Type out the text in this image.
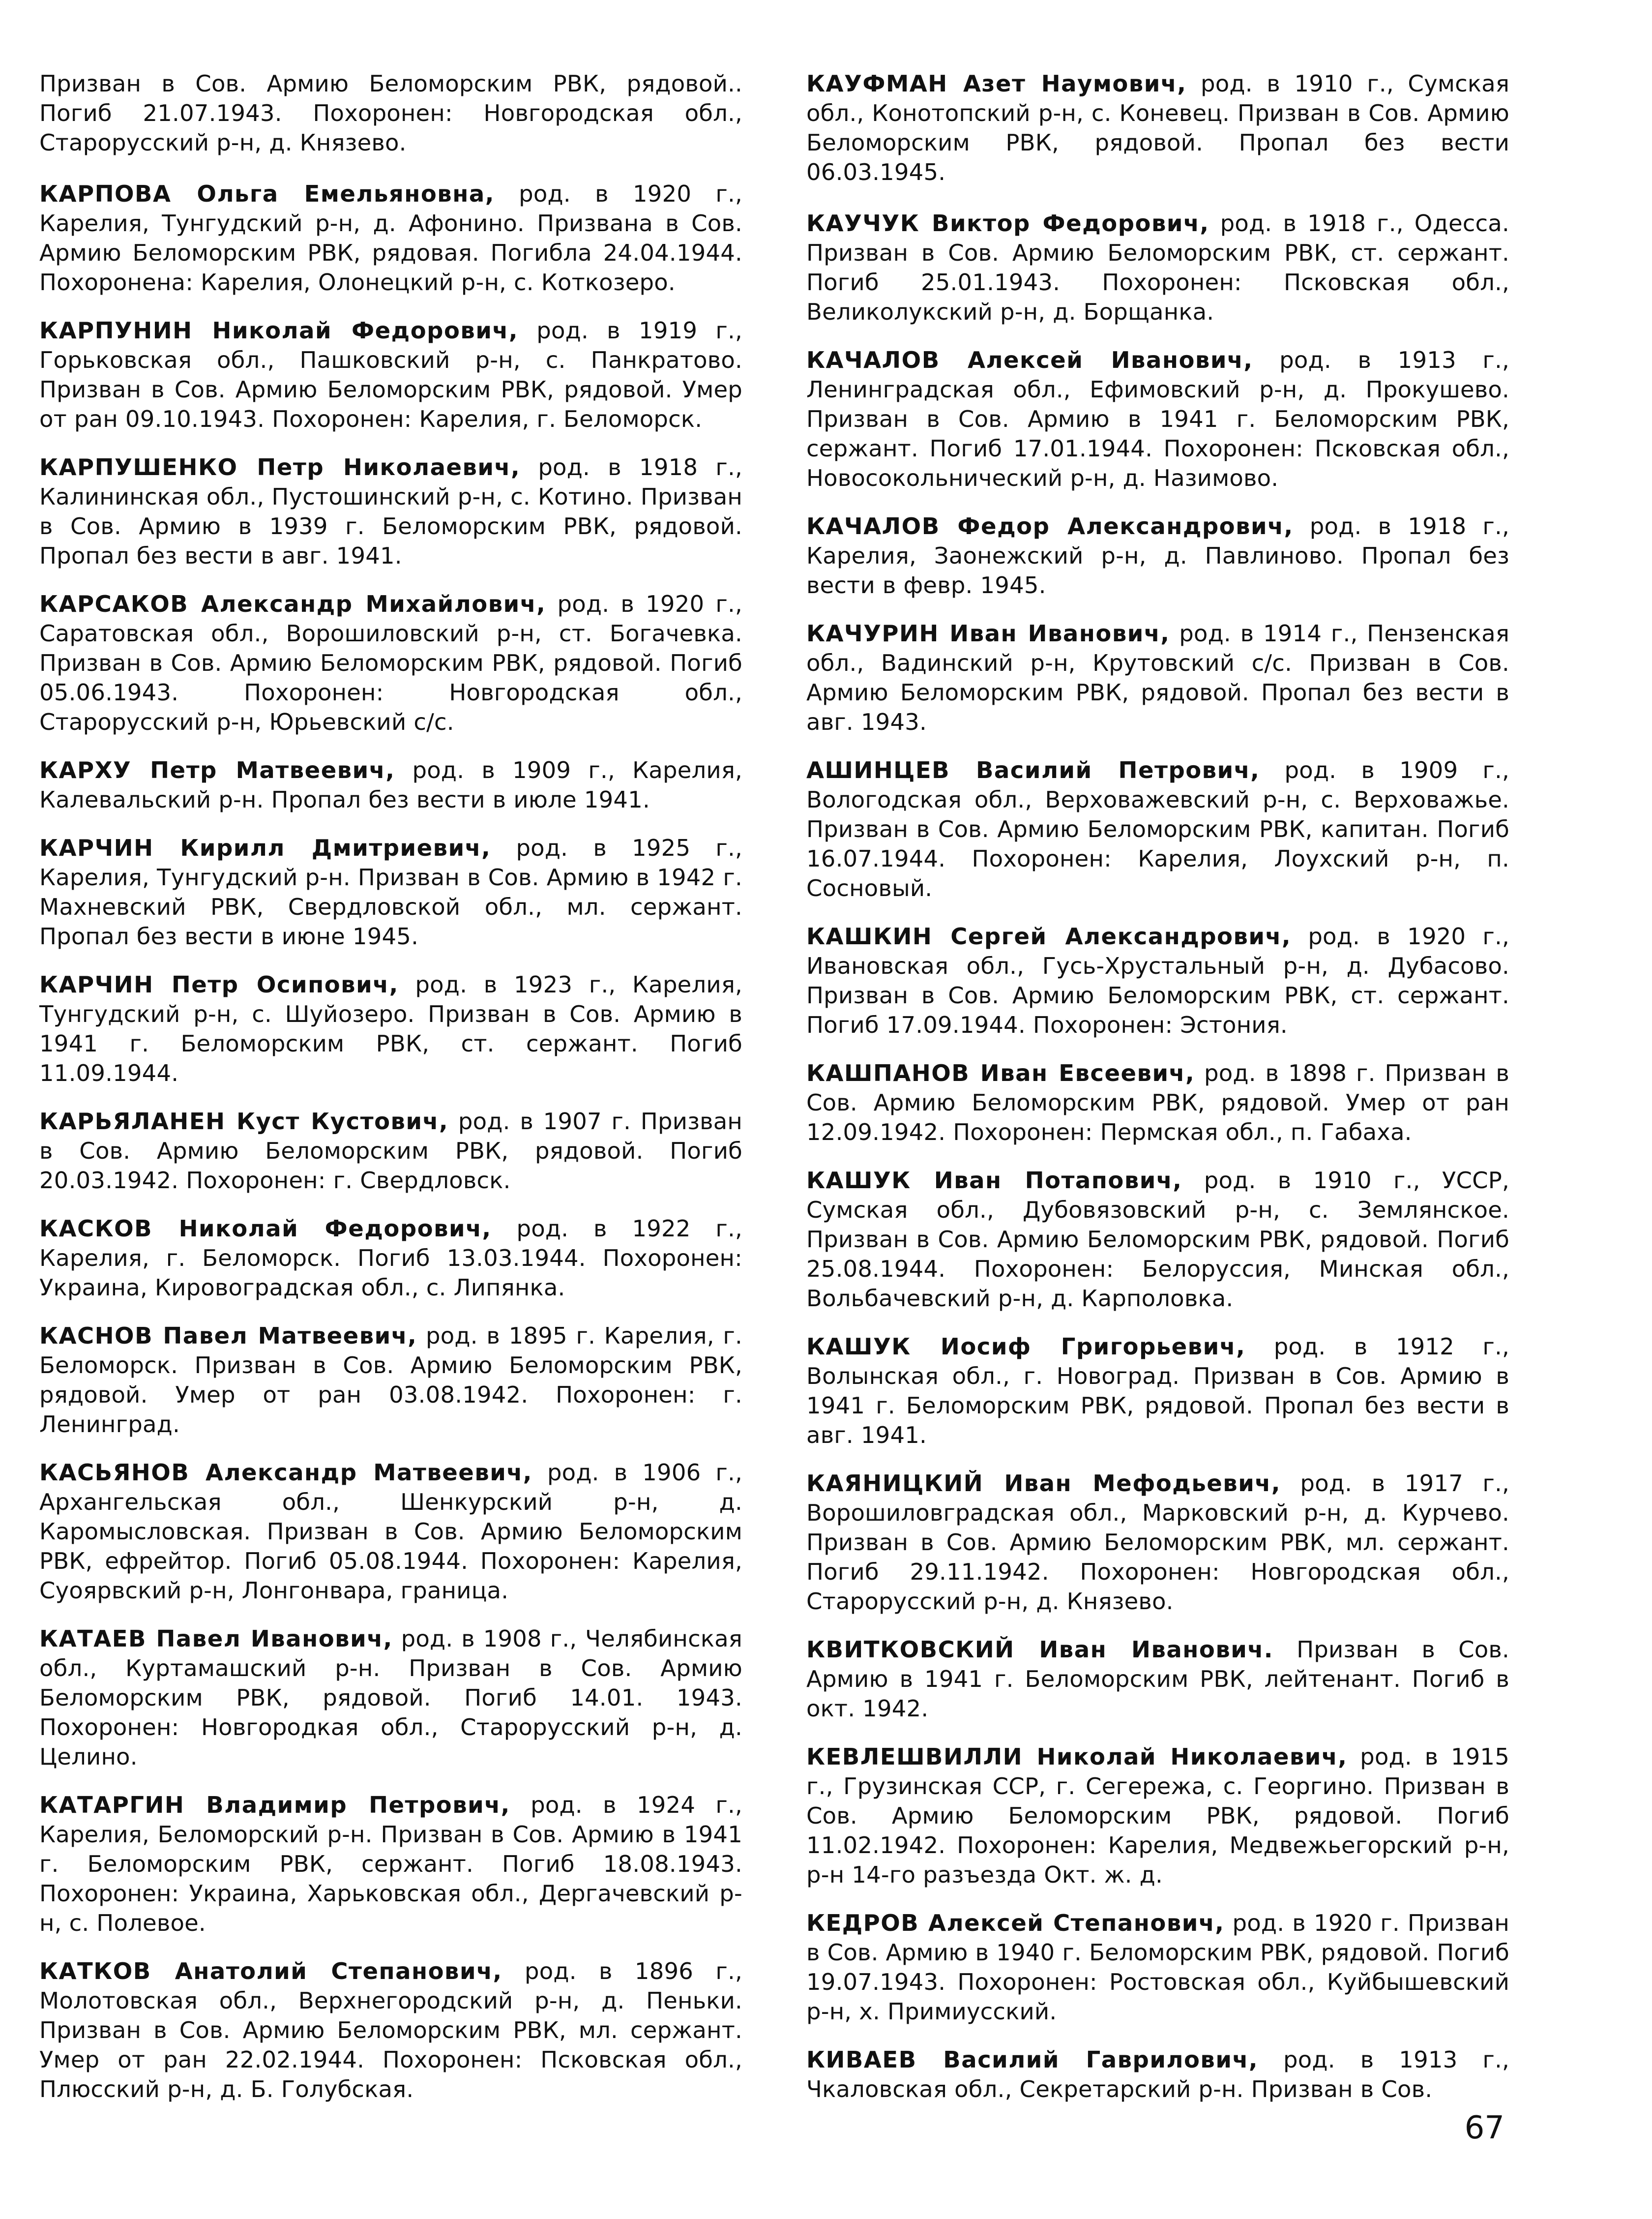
Призван в Сов. Армию Беломорским РВК, рядовой.. Погиб 21.07.1943. Похоронен: Новгородская обл., Старорусский р-н, д. Князево.

КАРПОВА Ольга Емельяновна, род. в 1920 г., Карелия, Тунгудский р-н, д. Афонино. Призвана в Сов. Армию Беломорским РВК, рядовая. Погибла 24.04.1944. Похоронена: Карелия, Олонецкий р-н, с. Коткозеро.

КАРПУНИН Николай Федорович, род. в 1919 г., Горьковская обл., Пашковский р-н, с. Панкратово. Призван в Сов. Армию Беломорским РВК, рядовой. Умер от ран 09.10.1943. Похоронен: Карелия, г. Беломорск.

КАРПУШЕНКО Петр Николаевич, род. в 1918 г., Калининская обл., Пустошинский р-н, с. Котино. Призван в Сов. Армию в 1939 г. Беломорским РВК, рядовой. Пропал без вести в авг. 1941.

КАРСАКОВ Александр Михайлович, род. в 1920 г., Саратовская обл., Ворошиловский р-н, ст. Богачевка. Призван в Сов. Армию Беломорским РВК, рядовой. Погиб 05.06.1943. Похоронен: Новгородская обл., Старорусский р-н, Юрьевский с/с.

КАРХУ Петр Матвеевич, род. в 1909 г., Карелия, Калевальский р-н. Пропал без вести в июле 1941.

КАРЧИН Кирилл Дмитриевич, род. в 1925 г., Карелия, Тунгудский р-н. Призван в Сов. Армию в 1942 г. Махневский РВК, Свердловской обл., мл. сержант. Пропал без вести в июне 1945.

КАРЧИН Петр Осипович, род. в 1923 г., Карелия, Тунгудский р-н, с. Шуйозеро. Призван в Сов. Армию в 1941 г. Беломорским РВК, ст. сержант. Погиб 11.09.1944.

КАРЬЯЛАНЕН Куст Кустович, род. в 1907 г. Призван в Сов. Армию Беломорским РВК, рядовой. Погиб 20.03.1942. Похоронен: г. Свердловск.

КАСКОВ Николай Федорович, род. в 1922 г., Карелия, г. Беломорск. Погиб 13.03.1944. Похоронен: Украина, Кировоградская обл., с. Липянка.

КАСНОВ Павел Матвеевич, род. в 1895 г. Карелия, г. Беломорск. Призван в Сов. Армию Беломорским РВК, рядовой. Умер от ран 03.08.1942. Похоронен: г. Ленинград.

КАСЬЯНОВ Александр Матвеевич, род. в 1906 г., Архангельская обл., Шенкурский р-н, д. Каромысловская. Призван в Сов. Армию Беломорским РВК, ефрейтор. Погиб 05.08.1944. Похоронен: Карелия, Суоярвский р-н, Лонгонвара, граница.

КАТАЕВ Павел Иванович, род. в 1908 г., Челябинская обл., Куртамашский р-н. Призван в Сов. Армию Беломорским РВК, рядовой. Погиб 14.01. 1943. Похоронен: Новгородкая обл., Старорусский р-н, д. Целино.

КАТАРГИН Владимир Петрович, род. в 1924 г., Карелия, Беломорский р-н. Призван в Сов. Армию в 1941 г. Беломорским РВК, сержант. Погиб 18.08.1943. Похоронен: Украина, Харьковская обл., Дергачевский р-н, с. Полевое.

КАТКОВ Анатолий Степанович, род. в 1896 г., Молотовская обл., Верхнегородский р-н, д. Пеньки. Призван в Сов. Армию Беломорским РВК, мл. сержант. Умер от ран 22.02.1944. Похоронен: Псковская обл., Плюсский р-н, д. Б. Голубская.

КАУФМАН Азет Наумович, род. в 1910 г., Сумская обл., Конотопский р-н, с. Коневец. Призван в Сов. Армию Беломорским РВК, рядовой. Пропал без вести 06.03.1945.

КАУЧУК Виктор Федорович, род. в 1918 г., Одесса. Призван в Сов. Армию Беломорским РВК, ст. сержант. Погиб 25.01.1943. Похоронен: Псковская обл., Великолукский р-н, д. Борщанка.

КАЧАЛОВ Алексей Иванович, род. в 1913 г., Ленинградская обл., Ефимовский р-н, д. Прокушево. Призван в Сов. Армию в 1941 г. Беломорским РВК, сержант. Погиб 17.01.1944. Похоронен: Псковская обл., Новосокольнический р-н, д. Назимово.

КАЧАЛОВ Федор Александрович, род. в 1918 г., Карелия, Заонежский р-н, д. Павлиново. Пропал без вести в февр. 1945.

КАЧУРИН Иван Иванович, род. в 1914 г., Пензенская обл., Вадинский р-н, Крутовский с/с. Призван в Сов. Армию Беломорским РВК, рядовой. Пропал без вести в авг. 1943.

АШИНЦЕВ Василий Петрович, род. в 1909 г., Вологодская обл., Верховажевский р-н, с. Верховажье. Призван в Сов. Армию Беломорским РВК, капитан. Погиб 16.07.1944. Похоронен: Карелия, Лоухский р-н, п. Сосновый.

КАШКИН Сергей Александрович, род. в 1920 г., Ивановская обл., Гусь-Хрустальный р-н, д. Дубасово. Призван в Сов. Армию Беломорским РВК, ст. сержант. Погиб 17.09.1944. Похоронен: Эстония.

КАШПАНОВ Иван Евсеевич, род. в 1898 г. Призван в Сов. Армию Беломорским РВК, рядовой. Умер от ран 12.09.1942. Похоронен: Пермская обл., п. Габаха.

КАШУК Иван Потапович, род. в 1910 г., УССР, Сумская обл., Дубовязовский р-н, с. Землянское. Призван в Сов. Армию Беломорским РВК, рядовой. Погиб 25.08.1944. Похоронен: Белоруссия, Минская обл., Вольбачевский р-н, д. Карполовка.

КАШУК Иосиф Григорьевич, род. в 1912 г., Волынская обл., г. Новоград. Призван в Сов. Армию в 1941 г. Беломорским РВК, рядовой. Пропал без вести в авг. 1941.

КАЯНИЦКИЙ Иван Мефодьевич, род. в 1917 г., Ворошиловградская обл., Марковский р-н, д. Курчево. Призван в Сов. Армию Беломорским РВК, мл. сержант. Погиб 29.11.1942. Похоронен: Новгородская обл., Старорусский р-н, д. Князево.

КВИТКОВСКИЙ Иван Иванович. Призван в Сов. Армию в 1941 г. Беломорским РВК, лейтенант. Погиб в окт. 1942.

КЕВЛЕШВИЛЛИ Николай Николаевич, род. в 1915 г., Грузинская ССР, г. Сегережа, с. Георгино. Призван в Сов. Армию Беломорским РВК, рядовой. Погиб 11.02.1942. Похоронен: Карелия, Медвежьегорский р-н, р-н 14-го разъезда Окт. ж. д.

КЕДРОВ Алексей Степанович, род. в 1920 г. Призван в Сов. Армию в 1940 г. Беломорским РВК, рядовой. Погиб 19.07.1943. Похоронен: Ростовская обл., Куйбышевский р-н, х. Примиусский.

КИВАЕВ Василий Гаврилович, род. в 1913 г., Чкаловская обл., Секретарский р-н. Призван в Сов.

67
